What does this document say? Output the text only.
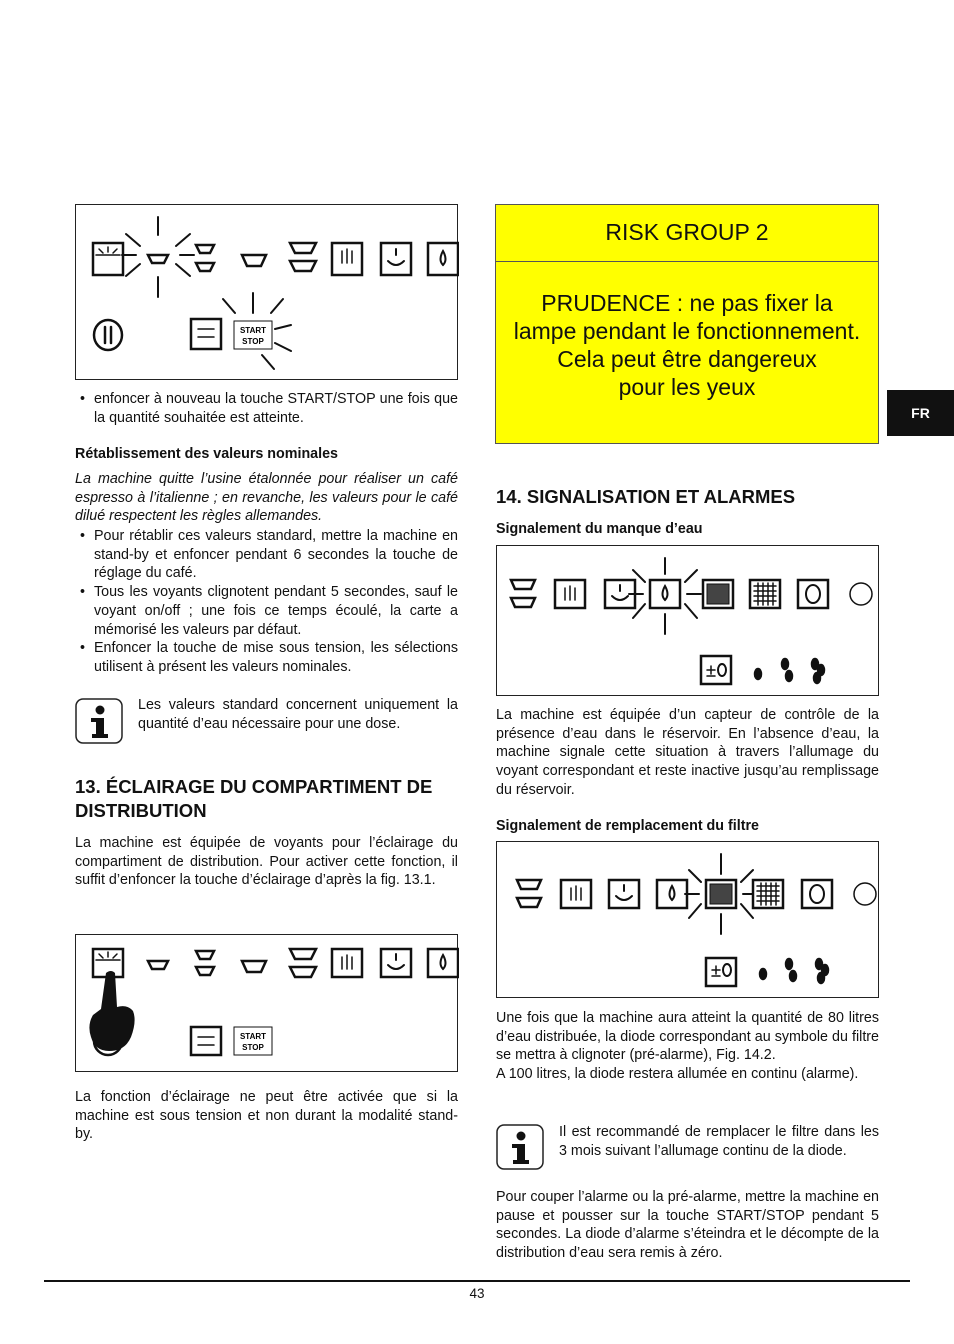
START
STOP

• enfoncer à nouveau la touche START/STOP une fois que la quantité souhaitée est atteinte.

Rétablissement des valeurs nominales
La machine quitte l’usine étalonnée pour réaliser un café espresso à l’italienne ; en revanche, les valeurs pour le café dilué respectent les règles allemandes.

• Pour rétablir ces valeurs standard, mettre la machine en stand-by et enfoncer pendant 6 secondes la touche de réglage du café.

• Tous les voyants clignotent pendant 5 secondes, sauf le voyant on/off ; une fois ce temps écoulé, la carte a mémorisé les valeurs par défaut.

• Enfoncer la touche de mise sous tension, les sélections utilisent à présent les valeurs nominales.

Les valeurs standard concernent uniquement la quantité d’eau nécessaire pour une dose.
13. ÉCLAIRAGE DU COMPARTIMENT DE DISTRIBUTION
La machine est équipée de voyants pour l’éclairage du compartiment de distribution. Pour activer cette fonction, il suffit d’enfoncer la touche d’éclairage d’après la fig. 13.1.
START
STOP
La fonction d’éclairage ne peut être activée que si la machine est sous tension et non durant la modalité stand-by.
RISK GROUP 2
PRUDENCE : ne pas fixer la
lampe pendant le fonctionnement.
Cela peut être dangereux
pour les yeux
FR
14. SIGNALISATION ET ALARMES
Signalement du manque d’eau
La machine est équipée d’un capteur de contrôle de la présence d’eau dans le réservoir. En l’absence d’eau, la machine signale cette situation à travers l’allumage du voyant correspondant et reste inactive jusqu’au remplissage du réservoir.
Signalement de remplacement du filtre

Une fois que la machine aura atteint la quantité de 80 litres d’eau distribuée, la diode correspondant au symbole du filtre se mettra à clignoter (pré-alarme), Fig. 14.2.

A 100 litres, la diode restera allumée en continu (alarme).

Il est recommandé de remplacer le filtre dans les 3 mois suivant l’allumage continu de la diode.
Pour couper l’alarme ou la pré-alarme, mettre la machine en pause et pousser sur la touche START/STOP pendant 5 secondes. La diode d’alarme s’éteindra et le décompte de la distribution d’eau sera remis à zéro.
43
